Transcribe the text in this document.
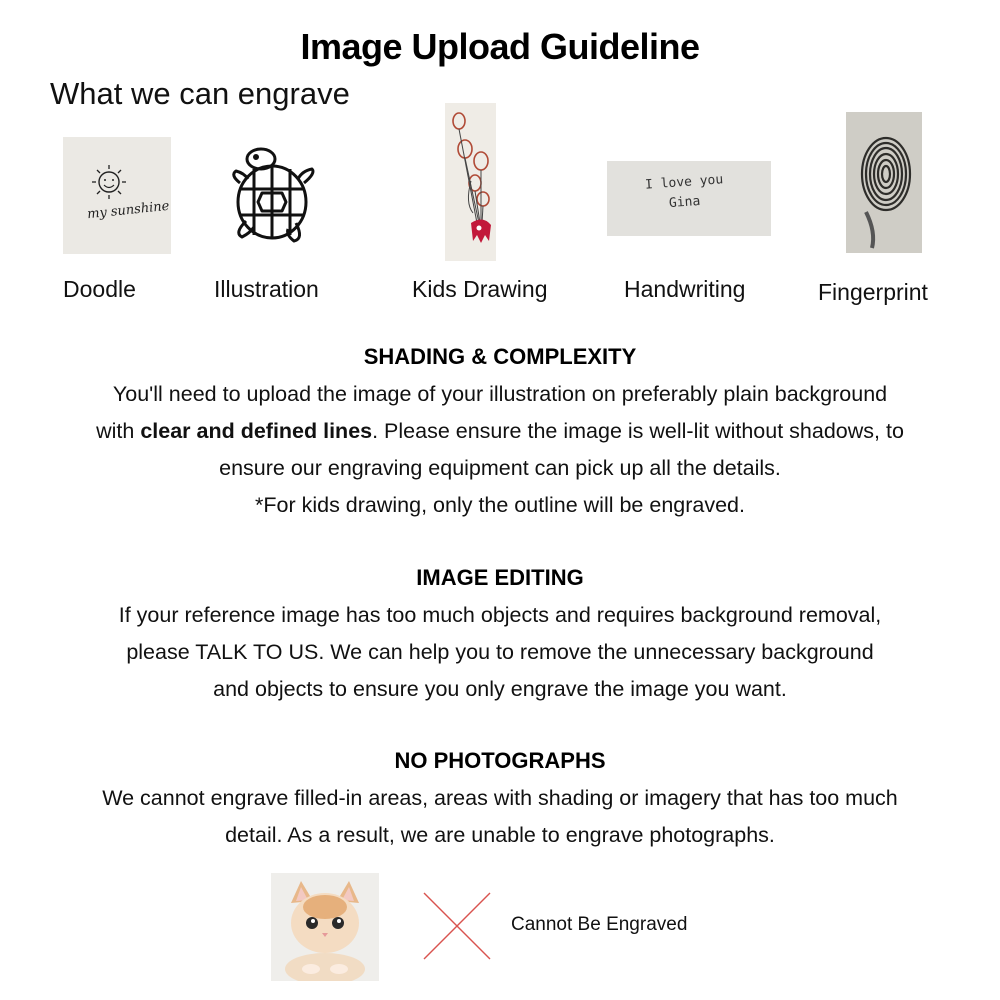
Image Upload Guideline
What we can engrave
my sunshine
I love you
Gina
Doodle	Illustration	Kids Drawing	Handwriting	Fingerprint
SHADING & COMPLEXITY
You'll need to upload the image of your illustration on preferably plain background
with clear and defined lines. Please ensure the image is well-lit without shadows, to
ensure our engraving equipment can pick up all the details.
*For kids drawing, only the outline will be engraved.
IMAGE EDITING
If your reference image has too much objects and requires background removal,
please TALK TO US. We can help you to remove the unnecessary background
and objects to ensure you only engrave the image you want.
NO PHOTOGRAPHS
We cannot engrave filled-in areas, areas with shading or imagery that has too much
detail. As a result, we are unable to engrave photographs.
Cannot Be Engraved
